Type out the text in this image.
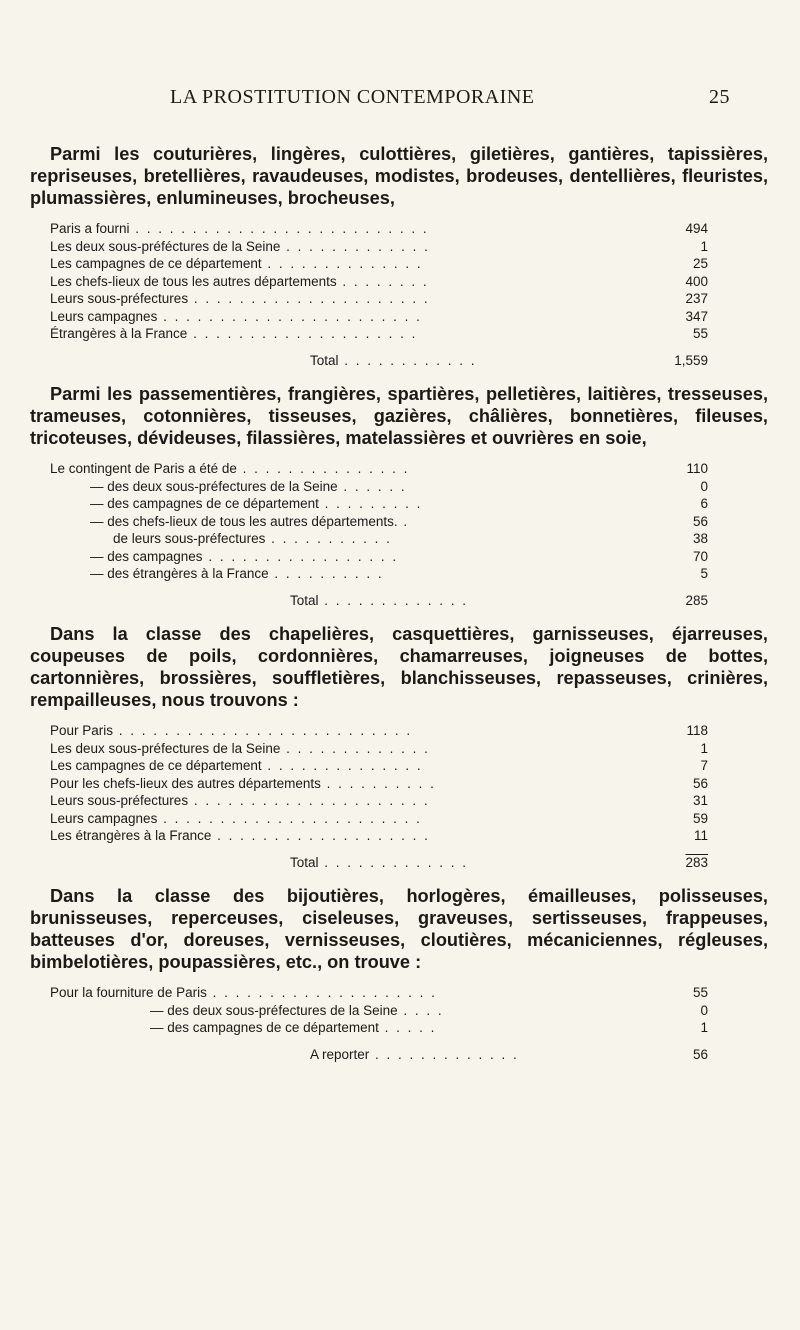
LA PROSTITUTION CONTEMPORAINE	25

Parmi les couturières, lingères, culottières, giletières, gantières, tapissières, repriseuses, bretellières, ravaudeuses, modistes, brodeuses, dentellières, fleuristes, plumassières, enlumineuses, brocheuses,

Paris a fourni . . . . . . . . . . . . . . . . . . . . . . . . . .	494
Les deux sous-préféctures de la Seine . . . . . . . . . . . . .	1
Les campagnes de ce département . . . . . . . . . . . . . .	25
Les chefs-lieux de tous les autres départements . . . . . . . .	400
Leurs sous-préfectures . . . . . . . . . . . . . . . . . . . . .	237
Leurs campagnes . . . . . . . . . . . . . . . . . . . . . . .	347
Étrangères à la France . . . . . . . . . . . . . . . . . . . .	55
Total . . . . . . . . . . . .	1,559

Parmi les passementières, frangières, spartières, pelletières, laitières, tresseuses, trameuses, cotonnières, tisseuses, gazières, châlières, bonnetières, fileuses, tricoteuses, dévideuses, filassières, matelassières et ouvrières en soie,

Le contingent de Paris a été de . . . . . . . . . . . . . . .	110
— des deux sous-préfectures de la Seine . . . . . .	0
— des campagnes de ce département . . . . . . . . .	6
— des chefs-lieux de tous les autres départements. .	56
de leurs sous-préfectures . . . . . . . . . . .	38
— des campagnes . . . . . . . . . . . . . . . . .	70
— des étrangères à la France . . . . . . . . . .	5
Total . . . . . . . . . . . . .	285

Dans la classe des chapelières, casquettières, garnisseuses, éjarreuses, coupeuses de poils, cordonnières, chamarreuses, joigneuses de bottes, cartonnières, brossières, souffletières, blanchisseuses, repasseuses, crinières, rempailleuses, nous trouvons :

Pour Paris . . . . . . . . . . . . . . . . . . . . . . . . . .	118
Les deux sous-préfectures de la Seine . . . . . . . . . . . . .	1
Les campagnes de ce département . . . . . . . . . . . . . .	7
Pour les chefs-lieux des autres départements . . . . . . . . . .	56
Leurs sous-préfectures . . . . . . . . . . . . . . . . . . . . .	31
Leurs campagnes . . . . . . . . . . . . . . . . . . . . . . .	59
Les étrangères à la France . . . . . . . . . . . . . . . . . . .	11
Total . . . . . . . . . . . . .	283

Dans la classe des bijoutières, horlogères, émailleuses, polisseuses, brunisseuses, reperceuses, ciseleuses, graveuses, sertisseuses, frappeuses, batteuses d'or, doreuses, vernisseuses, cloutières, mécaniciennes, régleuses, bimbelotières, poupassières, etc., on trouve :

Pour la fourniture de Paris . . . . . . . . . . . . . . . . . . . .	55
— des deux sous-préfectures de la Seine . . . .	0
— des campagnes de ce département . . . . .	1
A reporter . . . . . . . . . . . . .	56
